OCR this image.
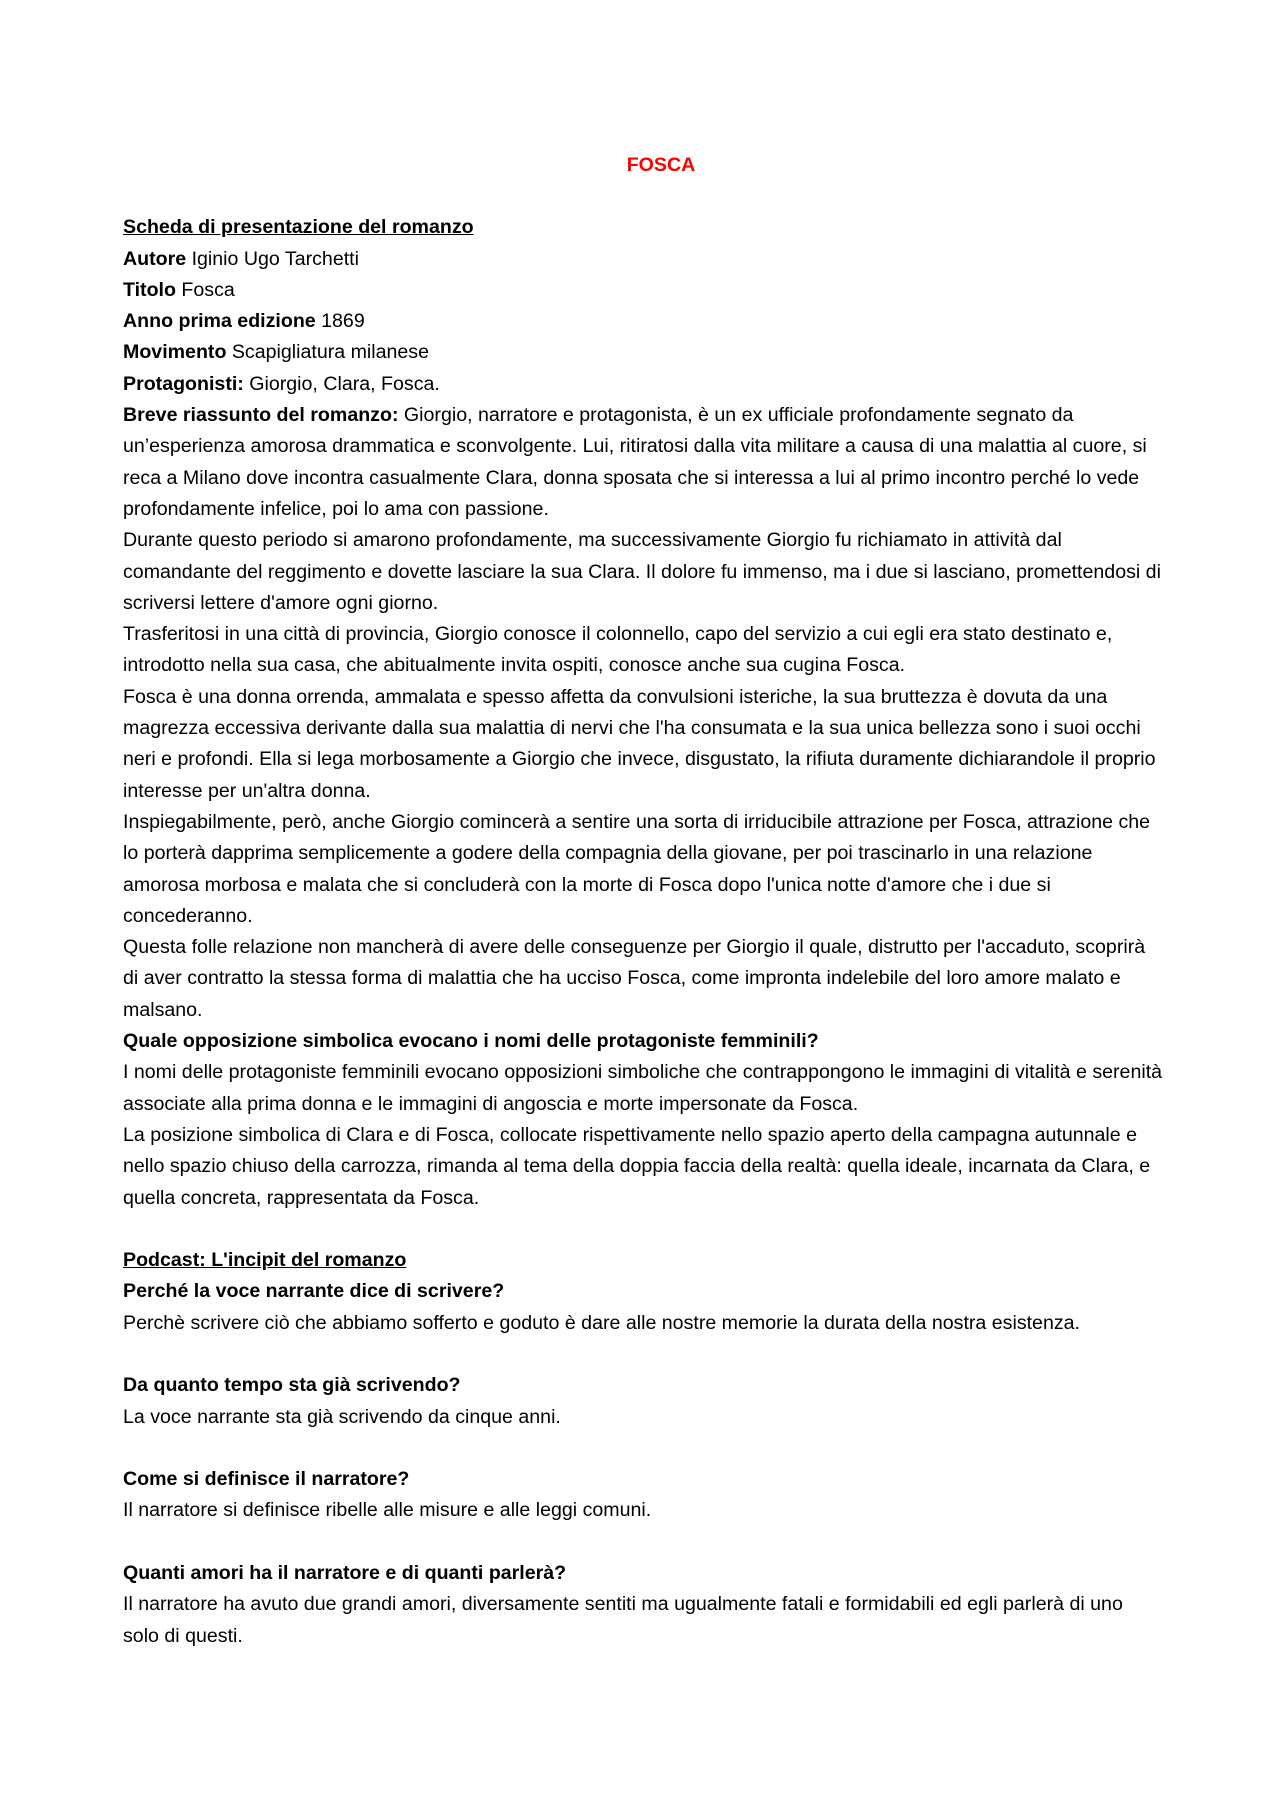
FOSCA

Scheda di presentazione del romanzo

Autore Iginio Ugo Tarchetti

Titolo Fosca

Anno prima edizione 1869

Movimento Scapigliatura milanese

Protagonisti: Giorgio, Clara, Fosca.

Breve riassunto del romanzo: Giorgio, narratore e protagonista, è un ex ufficiale profondamente segnato da un’esperienza amorosa drammatica e sconvolgente. Lui, ritiratosi dalla vita militare a causa di una malattia al cuore, si reca a Milano dove incontra casualmente Clara, donna sposata che si interessa a lui al primo incontro perché lo vede profondamente infelice, poi lo ama con passione.

Durante questo periodo si amarono profondamente, ma successivamente Giorgio fu richiamato in attività dal comandante del reggimento e dovette lasciare la sua Clara. Il dolore fu immenso, ma i due si lasciano, promettendosi di scriversi lettere d'amore ogni giorno.

Trasferitosi in una città di provincia, Giorgio conosce il colonnello, capo del servizio a cui egli era stato destinato e, introdotto nella sua casa, che abitualmente invita ospiti, conosce anche sua cugina Fosca.

Fosca è una donna orrenda, ammalata e spesso affetta da convulsioni isteriche, la sua bruttezza è dovuta da una magrezza eccessiva derivante dalla sua malattia di nervi che l'ha consumata e la sua unica bellezza sono i suoi occhi neri e profondi. Ella si lega morbosamente a Giorgio che invece, disgustato, la rifiuta duramente dichiarandole il proprio interesse per un'altra donna.

Inspiegabilmente, però, anche Giorgio comincerà a sentire una sorta di irriducibile attrazione per Fosca, attrazione che lo porterà dapprima semplicemente a godere della compagnia della giovane, per poi trascinarlo in una relazione amorosa morbosa e malata che si concluderà con la morte di Fosca dopo l'unica notte d'amore che i due si concederanno.

Questa folle relazione non mancherà di avere delle conseguenze per Giorgio il quale, distrutto per l'accaduto, scoprirà di aver contratto la stessa forma di malattia che ha ucciso Fosca, come impronta indelebile del loro amore malato e malsano.

Quale opposizione simbolica evocano i nomi delle protagoniste femminili?

I nomi delle protagoniste femminili evocano opposizioni simboliche che contrappongono le immagini di vitalità e serenità associate alla prima donna e le immagini di angoscia e morte impersonate da Fosca.

La posizione simbolica di Clara e di Fosca, collocate rispettivamente nello spazio aperto della campagna autunnale e nello spazio chiuso della carrozza, rimanda al tema della doppia faccia della realtà: quella ideale, incarnata da Clara, e quella concreta, rappresentata da Fosca.

Podcast: L'incipit del romanzo

Perché la voce narrante dice di scrivere?

Perchè scrivere ciò che abbiamo sofferto e goduto è dare alle nostre memorie la durata della nostra esistenza.

Da quanto tempo sta già scrivendo?

La voce narrante sta già scrivendo da cinque anni.

Come si definisce il narratore?

Il narratore si definisce ribelle alle misure e alle leggi comuni.

Quanti amori ha il narratore e di quanti parlerà?

Il narratore ha avuto due grandi amori, diversamente sentiti ma ugualmente fatali e formidabili ed egli parlerà di uno solo di questi.
